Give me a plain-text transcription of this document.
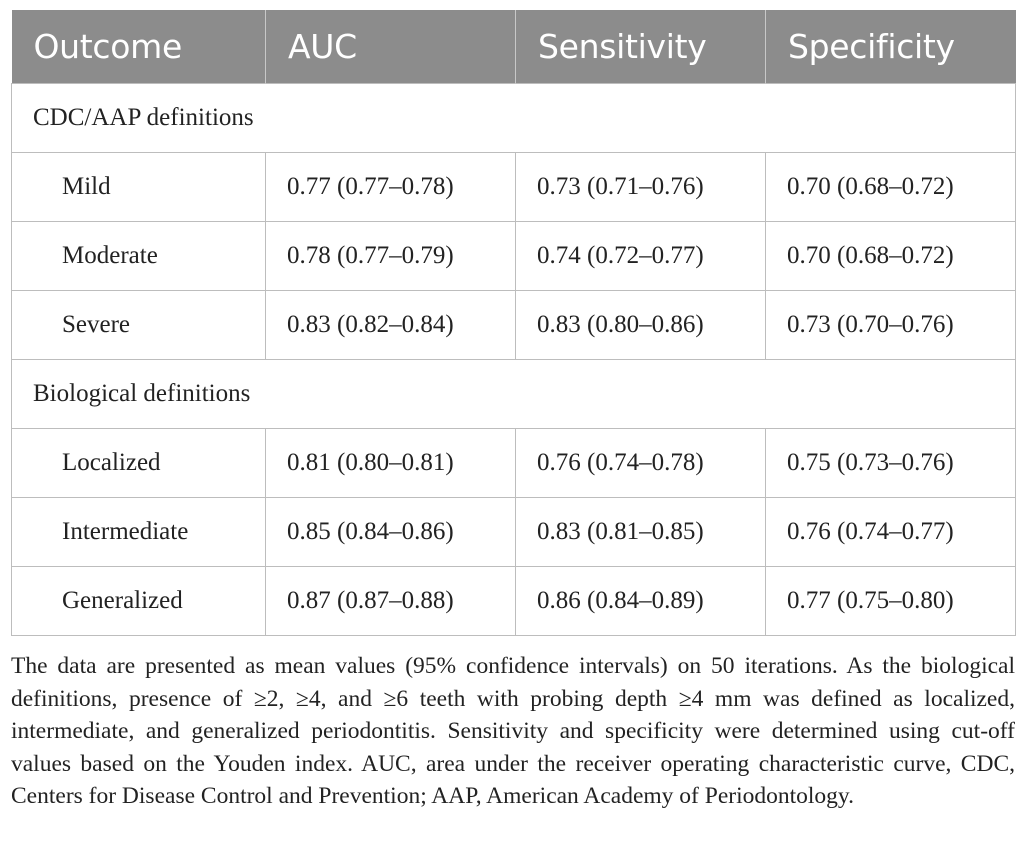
Outcome	AUC	Sensitivity	Specificity
CDC/AAP definitions			
Mild	0.77 (0.77–0.78)	0.73 (0.71–0.76)	0.70 (0.68–0.72)
Moderate	0.78 (0.77–0.79)	0.74 (0.72–0.77)	0.70 (0.68–0.72)
Severe	0.83 (0.82–0.84)	0.83 (0.80–0.86)	0.73 (0.70–0.76)
Biological definitions			
Localized	0.81 (0.80–0.81)	0.76 (0.74–0.78)	0.75 (0.73–0.76)
Intermediate	0.85 (0.84–0.86)	0.83 (0.81–0.85)	0.76 (0.74–0.77)
Generalized	0.87 (0.87–0.88)	0.86 (0.84–0.89)	0.77 (0.75–0.80)

The data are presented as mean values (95% confidence intervals) on 50 iterations. As the biological definitions, presence of ≥2, ≥4, and ≥6 teeth with probing depth ≥4 mm was defined as localized, intermediate, and generalized periodontitis. Sensitivity and specificity were determined using cut-off values based on the Youden index. AUC, area under the receiver operating characteristic curve, CDC, Centers for Disease Control and Prevention; AAP, American Academy of Periodontology.
